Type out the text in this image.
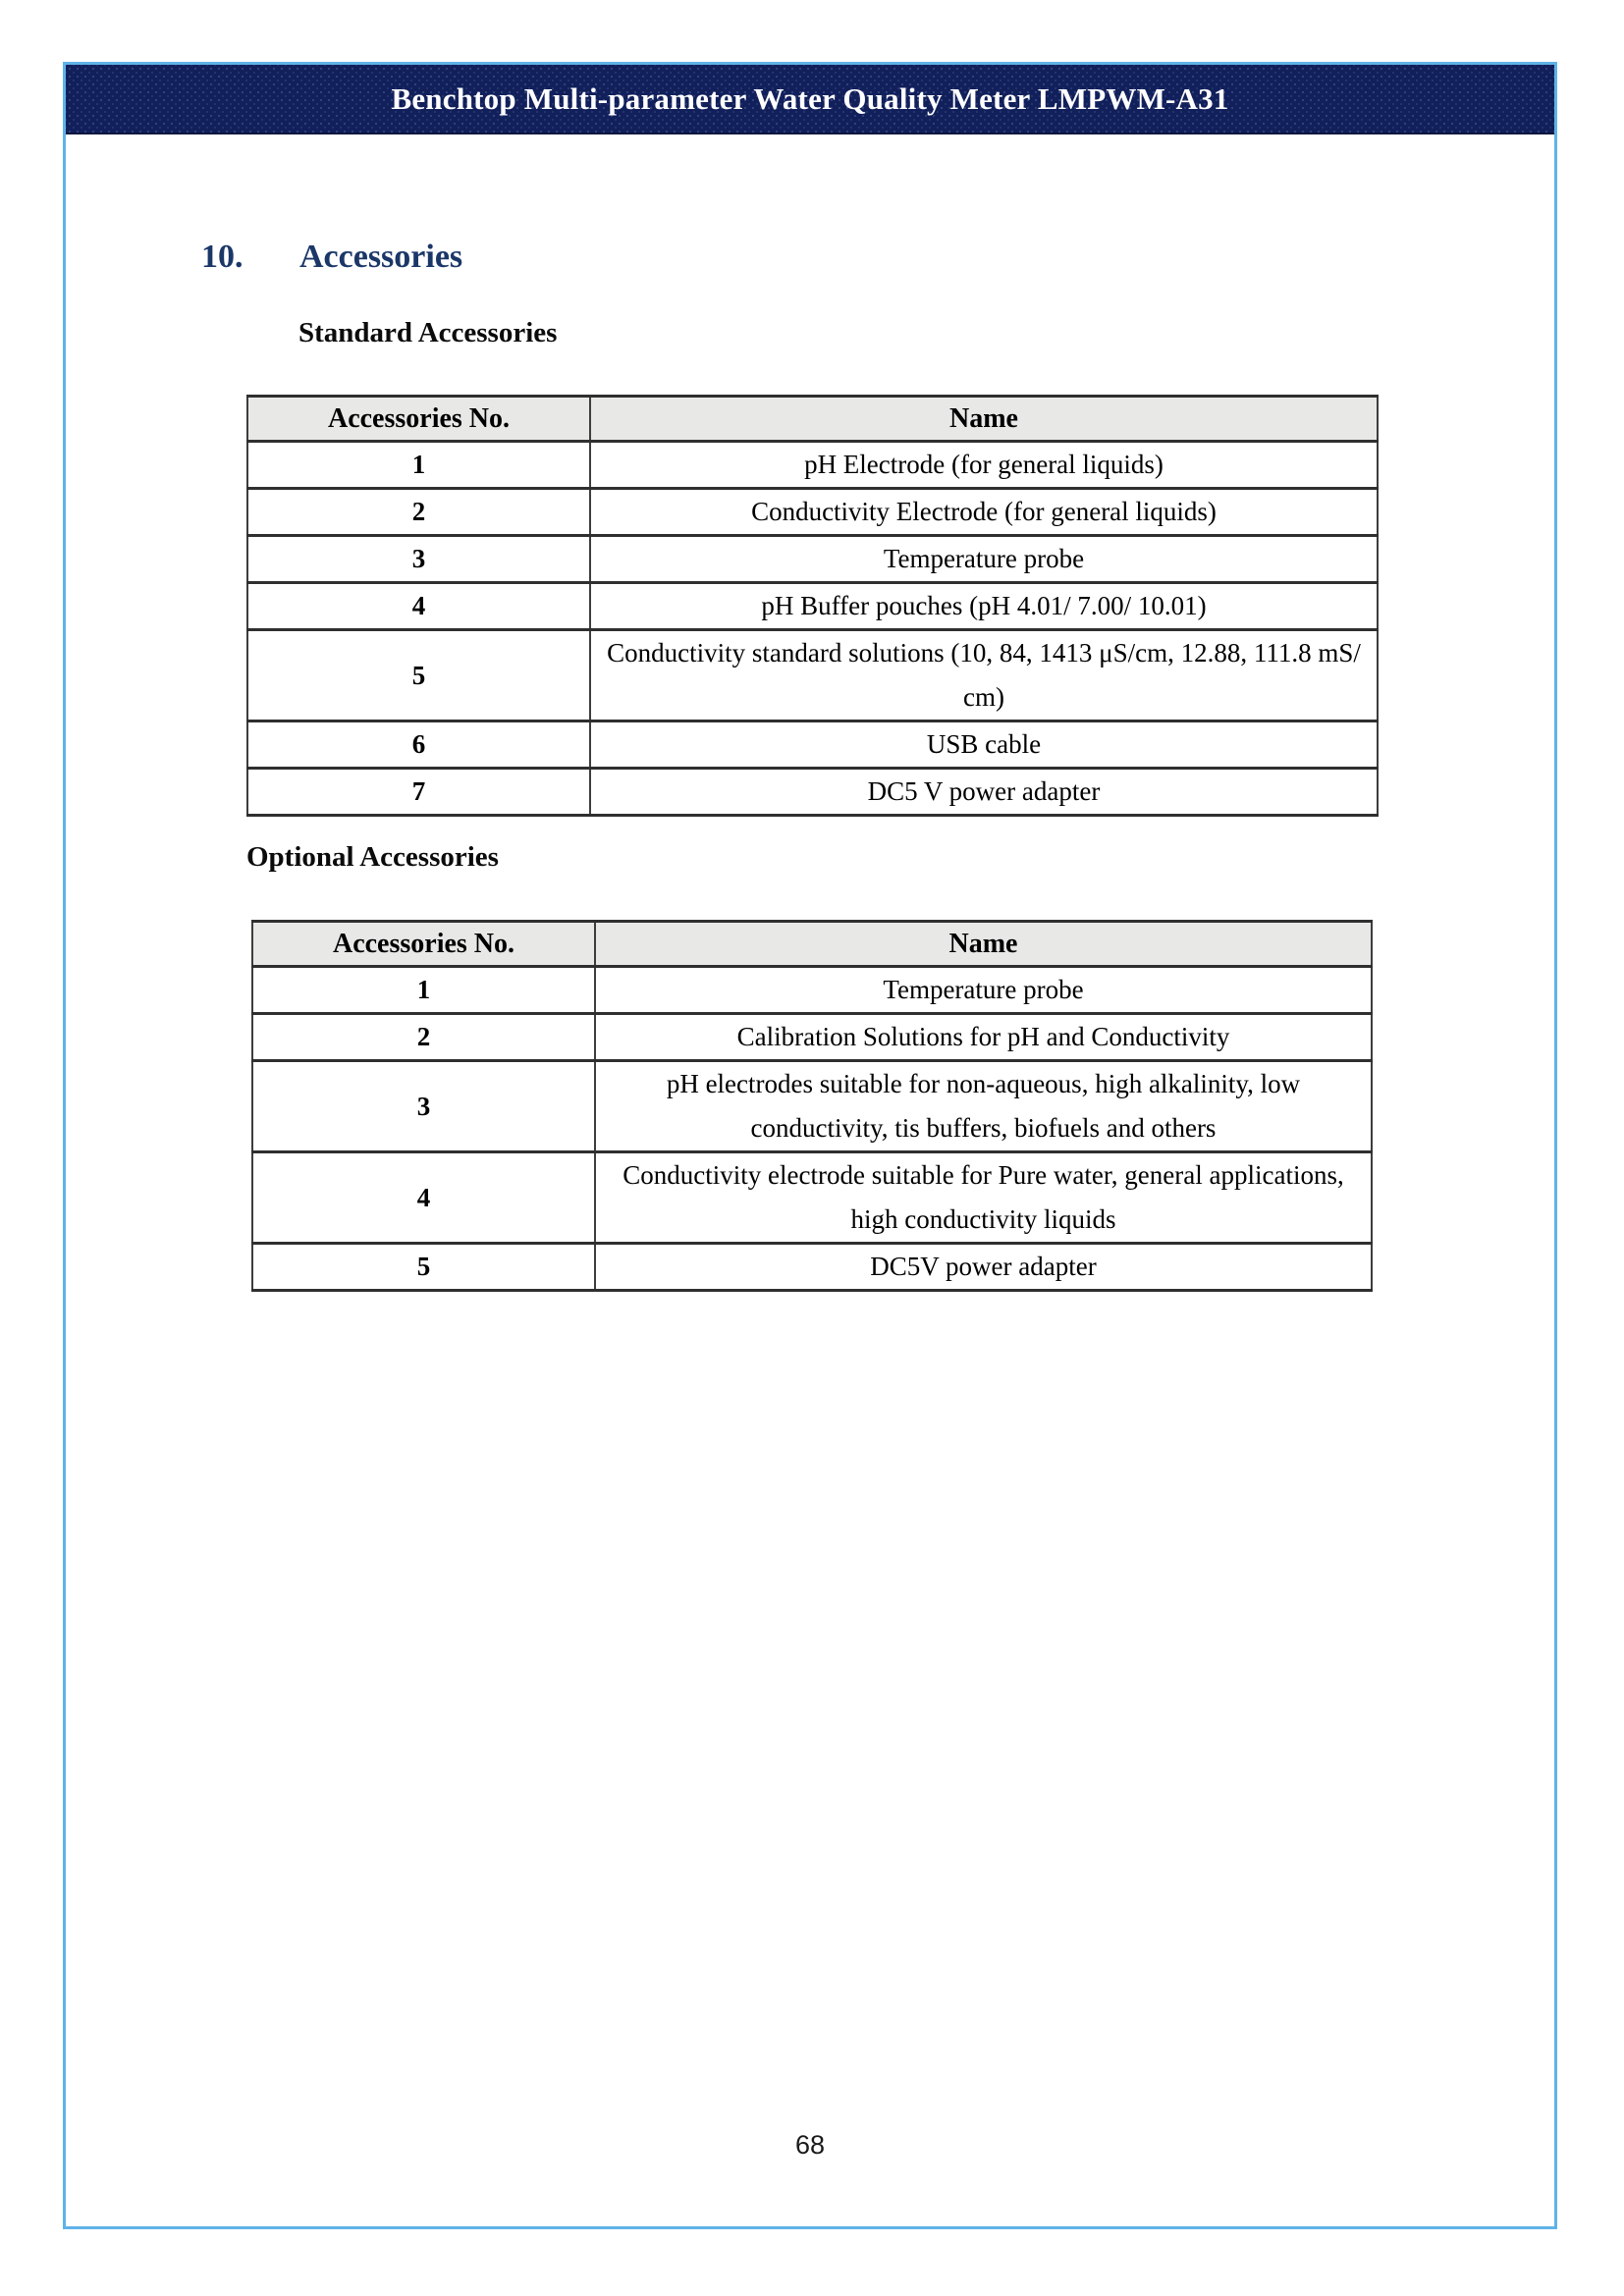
Benchtop Multi-parameter Water Quality Meter LMPWM-A31
10. Accessories
Standard Accessories
Accessories No.	Name
1	pH Electrode (for general liquids)
2	Conductivity Electrode (for general liquids)
3	Temperature probe
4	pH Buffer pouches (pH 4.01/ 7.00/ 10.01)
5	Conductivity standard solutions (10, 84, 1413 μS/cm, 12.88, 111.8 mS/ cm)
6	USB cable
7	DC5 V power adapter
Optional Accessories
Accessories No.	Name
1	Temperature probe
2	Calibration Solutions for pH and Conductivity
3	pH electrodes suitable for non-aqueous, high alkalinity, low conductivity, tis buffers, biofuels and others
4	Conductivity electrode suitable for Pure water, general applications, high conductivity liquids
5	DC5V power adapter
68
